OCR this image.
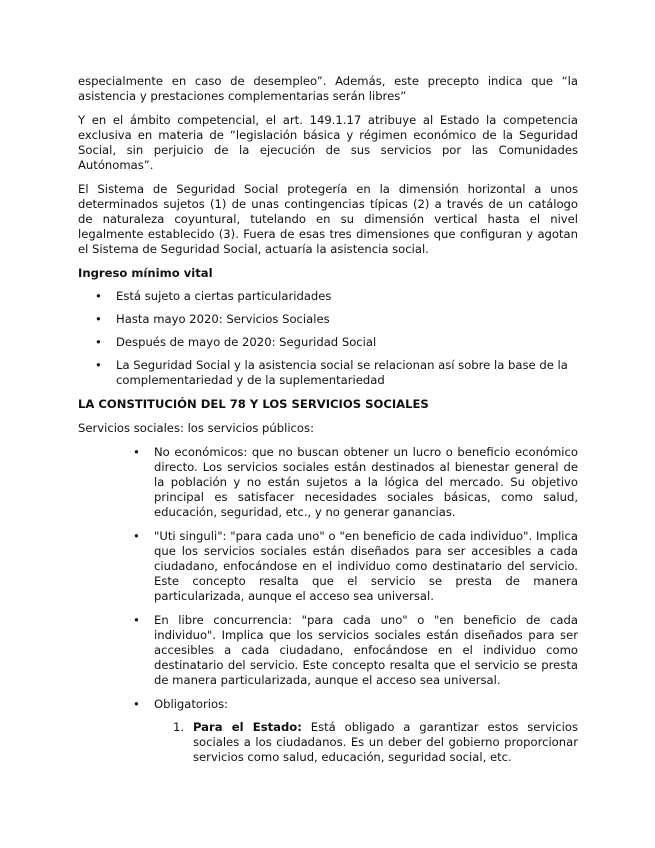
especialmente en caso de desempleo”. Además, este precepto indica que “la asistencia y prestaciones complementarias serán libres”

Y en el ámbito competencial, el art. 149.1.17 atribuye al Estado la competencia exclusiva en materia de “legislación básica y régimen económico de la Seguridad Social, sin perjuicio de la ejecución de sus servicios por las Comunidades Autónomas”.

El Sistema de Seguridad Social protegería en la dimensión horizontal a unos determinados sujetos (1) de unas contingencias típicas (2) a través de un catálogo de naturaleza coyuntural, tutelando en su dimensión vertical hasta el nivel legalmente establecido (3). Fuera de esas tres dimensiones que configuran y agotan el Sistema de Seguridad Social, actuaría la asistencia social.

Ingreso mínimo vital
• Está sujeto a ciertas particularidades
• Hasta mayo 2020: Servicios Sociales
• Después de mayo de 2020: Seguridad Social
• La Seguridad Social y la asistencia social se relacionan así sobre la base de la complementariedad y de la suplementariedad
LA CONSTITUCIÓN DEL 78 Y LOS SERVICIOS SOCIALES

Servicios sociales: los servicios públicos:

• No económicos: que no buscan obtener un lucro o beneficio económico directo. Los servicios sociales están destinados al bienestar general de la población y no están sujetos a la lógica del mercado. Su objetivo principal es satisfacer necesidades sociales básicas, como salud, educación, seguridad, etc., y no generar ganancias.
• "Uti singuli": "para cada uno" o "en beneficio de cada individuo". Implica que los servicios sociales están diseñados para ser accesibles a cada ciudadano, enfocándose en el individuo como destinatario del servicio. Este concepto resalta que el servicio se presta de manera particularizada, aunque el acceso sea universal.
• En libre concurrencia: "para cada uno" o "en beneficio de cada individuo". Implica que los servicios sociales están diseñados para ser accesibles a cada ciudadano, enfocándose en el individuo como destinatario del servicio. Este concepto resalta que el servicio se presta de manera particularizada, aunque el acceso sea universal.
• Obligatorios:
1. Para el Estado: Está obligado a garantizar estos servicios sociales a los ciudadanos. Es un deber del gobierno proporcionar servicios como salud, educación, seguridad social, etc.
